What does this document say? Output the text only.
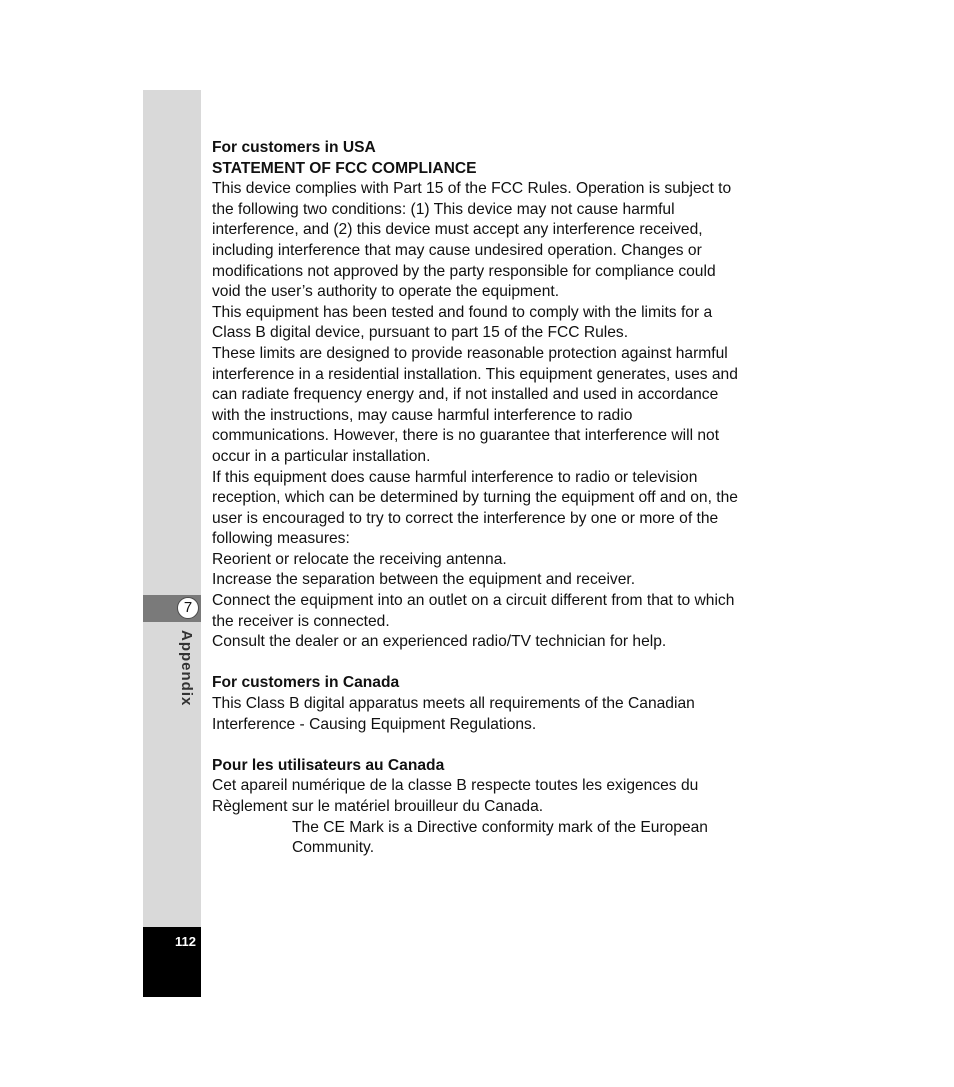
7
Appendix
112

For customers in USA

STATEMENT OF FCC COMPLIANCE

This device complies with Part 15 of the FCC Rules. Operation is subject to the following two conditions: (1) This device may not cause harmful interference, and (2) this device must accept any interference received, including interference that may cause undesired operation. Changes or modifications not approved by the party responsible for compliance could void the user’s authority to operate the equipment.

This equipment has been tested and found to comply with the limits for a Class B digital device, pursuant to part 15 of the FCC Rules.

These limits are designed to provide reasonable protection against harmful interference in a residential installation. This equipment generates, uses and can radiate frequency energy and, if not installed and used in accordance with the instructions, may cause harmful interference to radio communications. However, there is no guarantee that interference will not occur in a particular installation.

If this equipment does cause harmful interference to radio or television reception, which can be determined by turning the equipment off and on, the user is encouraged to try to correct the interference by one or more of the following measures:

Reorient or relocate the receiving antenna.

Increase the separation between the equipment and receiver.

Connect the equipment into an outlet on a circuit different from that to which the receiver is connected.

Consult the dealer or an experienced radio/TV technician for help.

For customers in Canada

This Class B digital apparatus meets all requirements of the Canadian Interference - Causing Equipment Regulations.

Pour les utilisateurs au Canada

Cet apareil numérique de la classe B respecte toutes les exigences du Règlement sur le matériel brouilleur du Canada.

The CE Mark is a Directive conformity mark of the European Community.
